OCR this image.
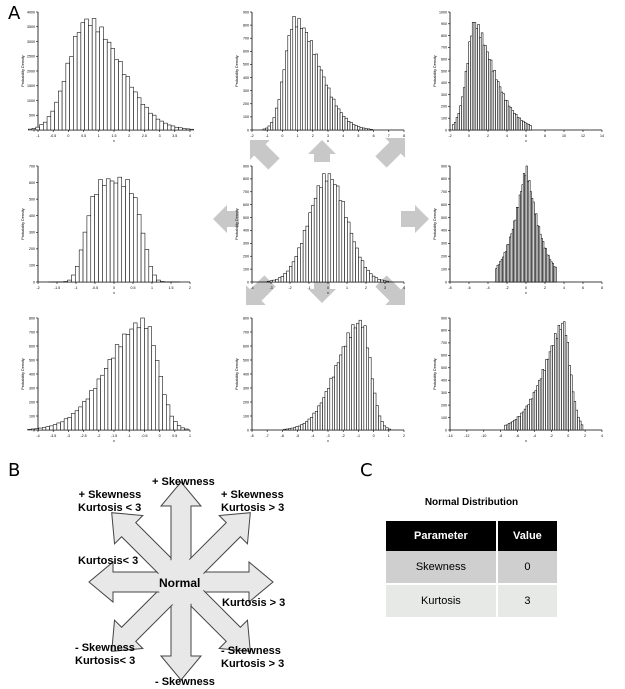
A
B	C
-1	-0.5	0	0.5	1	1.5	2	2.5	3	3.5	4
0
500
1000
1500
2000
2500
3000
3500
4000
x
Probability Density
-2	-1	0	1	2	3	4	5	6	7	8
0
100
200
300
400
500
600
700
800
900
x
Probability Density
-2	0	2	4	6	8	10	12	14
0
100
200
300
400
500
600
700
800
900
1000
x
Probability Density
-2	-1.5	-1	-0.5	0	0.5	1	1.5	2
0
100
200
300
400
500
600
700
x
Probability Density
-4	-3	-2	-1	0	1	2	3	4
0
100
200
300
400
500
600
700
800
900
x
Probability Density
-8	-6	-4	-2	0	2	4	6	8
0
100
200
300
400
500
600
700
800
900
x
Probability Density
-4	-3.5	-3	-2.5	-2	-1.5	-1	-0.5	0	0.5	1
0
100
200
300
400
500
600
700
800
x
Probability Density
-8	-7	-6	-5	-4	-3	-2	-1	0	1	2
0
100
200
300
400
500
600
700
800
x
Probability Density
-14	-12	-10	-8	-6	-4	-2	0	2	4
0
100
200
300
400
500
600
700
800
900
x
Probability Density
Normal
+ Skewness
- Skewness
Kurtosis< 3
Kurtosis > 3
+ Skewness
Kurtosis < 3
+ Skewness
Kurtosis > 3
- Skewness
Kurtosis< 3
- Skewness
Kurtosis > 3
Normal Distribution
Parameter	Value
Skewness	0
Kurtosis	3
